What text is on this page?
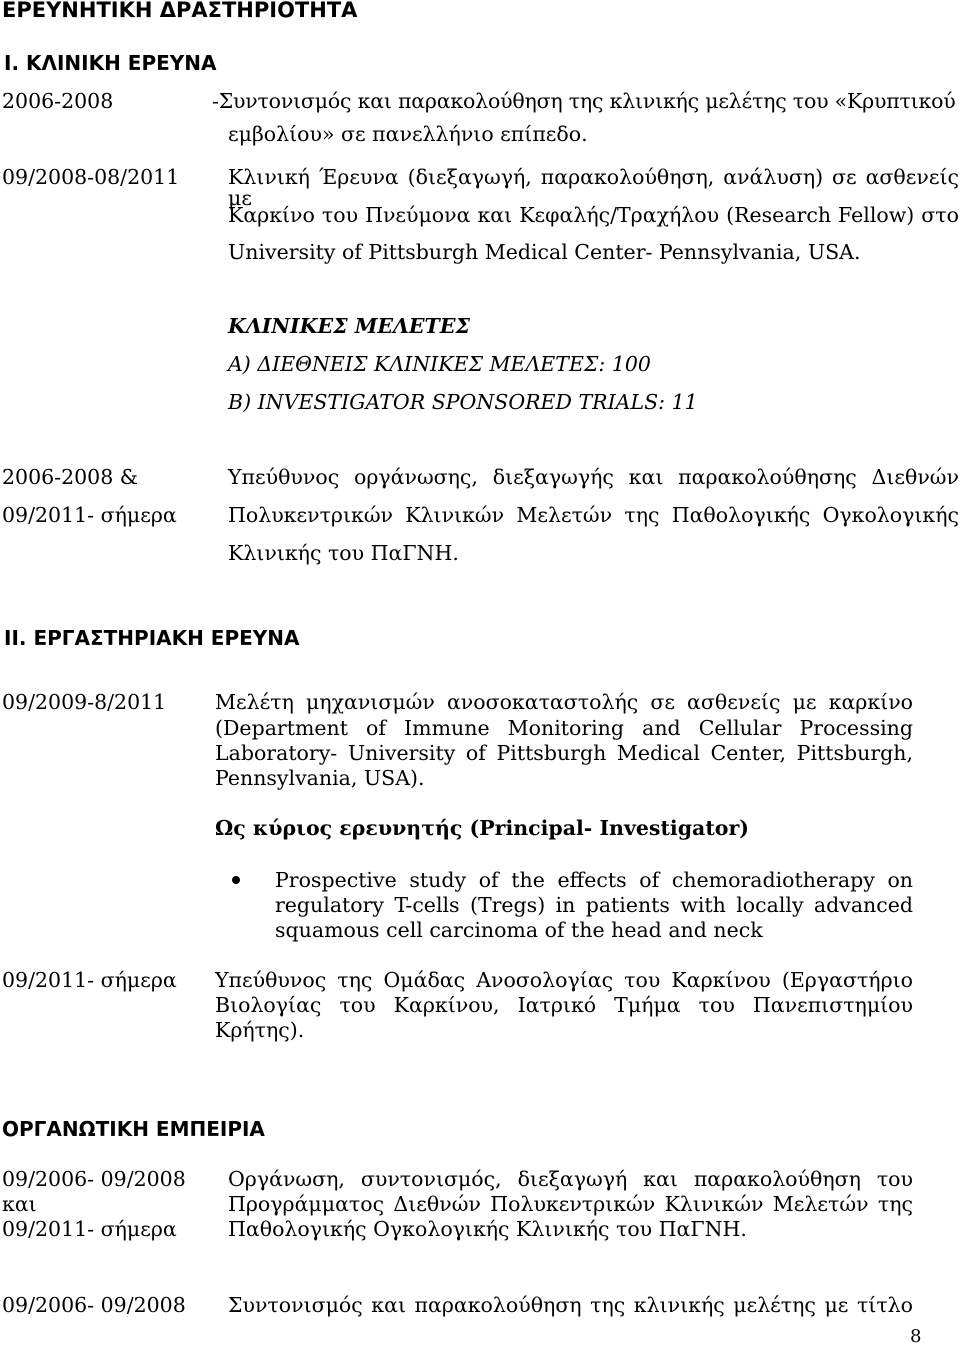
ΕΡΕΥΝΗΤΙΚΗ ΔΡΑΣΤΗΡΙΟΤΗΤΑ
I. ΚΛΙΝΙΚΗ ΕΡΕΥΝΑ
2006-2008	-Συντονισμός και παρακολούθηση της κλινικής μελέτης του «Κρυπτικού
εμβολίου» σε πανελλήνιο επίπεδο.
09/2008-08/2011 Κλινική Έρευνα (διεξαγωγή, παρακολούθηση, ανάλυση) σε ασθενείς με
Καρκίνο του Πνεύμονα και Κεφαλής/Τραχήλου (Research Fellow) στο
University of Pittsburgh Medical Center- Pennsylvania, USA.
ΚΛΙΝΙΚΕΣ ΜΕΛΕΤΕΣ
Α) ΔΙΕΘΝΕΙΣ ΚΛΙΝΙΚΕΣ ΜΕΛΕΤΕΣ: 100
Β) INVESTIGATOR SPONSORED TRIALS: 11
2006-2008 &
09/2011- σήμερα
Υπεύθυνος οργάνωσης, διεξαγωγής και παρακολούθησης Διεθνών
Πολυκεντρικών Κλινικών Μελετών της Παθολογικής Ογκολογικής
Κλινικής του ΠαΓΝΗ.
II. ΕΡΓΑΣΤΗΡΙΑΚΗ ΕΡΕΥΝΑ
09/2009-8/2011 Μελέτη μηχανισμών ανοσοκαταστολής σε ασθενείς με καρκίνο
(Department of Immune Monitoring and Cellular Processing
Laboratory- University of Pittsburgh Medical Center, Pittsburgh,
Pennsylvania, USA).
Ως κύριος ερευνητής (Principal- Investigator)
Prospective study of the effects of chemoradiotherapy on
regulatory T-cells (Tregs) in patients with locally advanced
squamous cell carcinoma of the head and neck
09/2011- σήμερα Υπεύθυνος της Ομάδας Ανοσολογίας του Καρκίνου (Εργαστήριο
Βιολογίας του Καρκίνου, Ιατρικό Τμήμα του Πανεπιστημίου
Κρήτης).
ΟΡΓΑΝΩΤΙΚΗ ΕΜΠΕΙΡΙΑ
09/2006- 09/2008
και
09/2011- σήμερα
Οργάνωση, συντονισμός, διεξαγωγή και παρακολούθηση του
Προγράμματος Διεθνών Πολυκεντρικών Κλινικών Μελετών της
Παθολογικής Ογκολογικής Κλινικής του ΠαΓΝΗ.
09/2006- 09/2008 Συντονισμός και παρακολούθηση της κλινικής μελέτης με τίτλο
8
